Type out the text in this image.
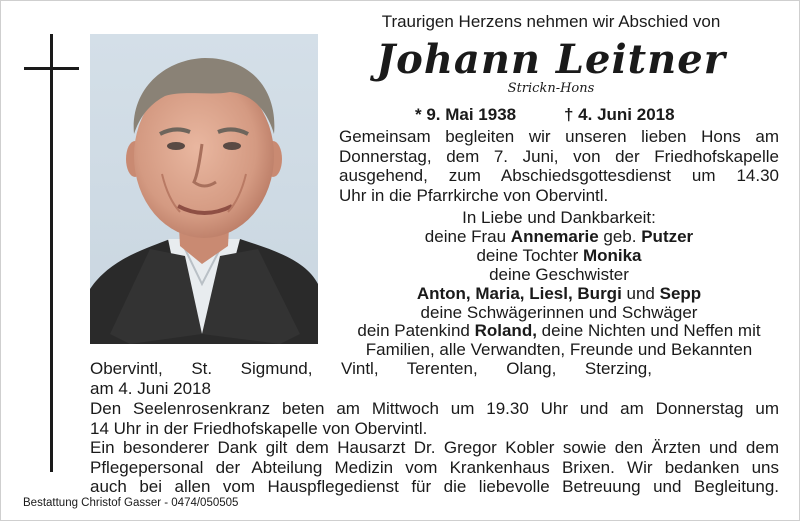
Traurigen Herzens nehmen wir Abschied von
Johann Leitner
Strickn-Hons
* 9. Mai 1938	† 4. Juni 2018
Gemeinsam begleiten wir unseren lieben Hons am
Donnerstag, dem 7. Juni, von der Friedhofskapelle
ausgehend, zum Abschiedsgottesdienst um 14.30
Uhr in die Pfarrkirche von Obervintl.
In Liebe und Dankbarkeit:
deine Frau Annemarie geb. Putzer
deine Tochter Monika
deine Geschwister
Anton, Maria, Liesl, Burgi und Sepp
deine Schwägerinnen und Schwäger
dein Patenkind Roland, deine Nichten und Neffen mit
Familien, alle Verwandten, Freunde und Bekannten
Obervintl, St. Sigmund, Vintl, Terenten, Olang, Sterzing,
am 4. Juni 2018
Den Seelenrosenkranz beten am Mittwoch um 19.30 Uhr und am Donnerstag um
14 Uhr in der Friedhofskapelle von Obervintl.
Ein besonderer Dank gilt dem Hausarzt Dr. Gregor Kobler sowie den Ärzten und dem
Pflegepersonal der Abteilung Medizin vom Krankenhaus Brixen. Wir bedanken uns
auch bei allen vom Hauspflegedienst für die liebevolle Betreuung und Begleitung.
Bestattung Christof Gasser - 0474/050505
